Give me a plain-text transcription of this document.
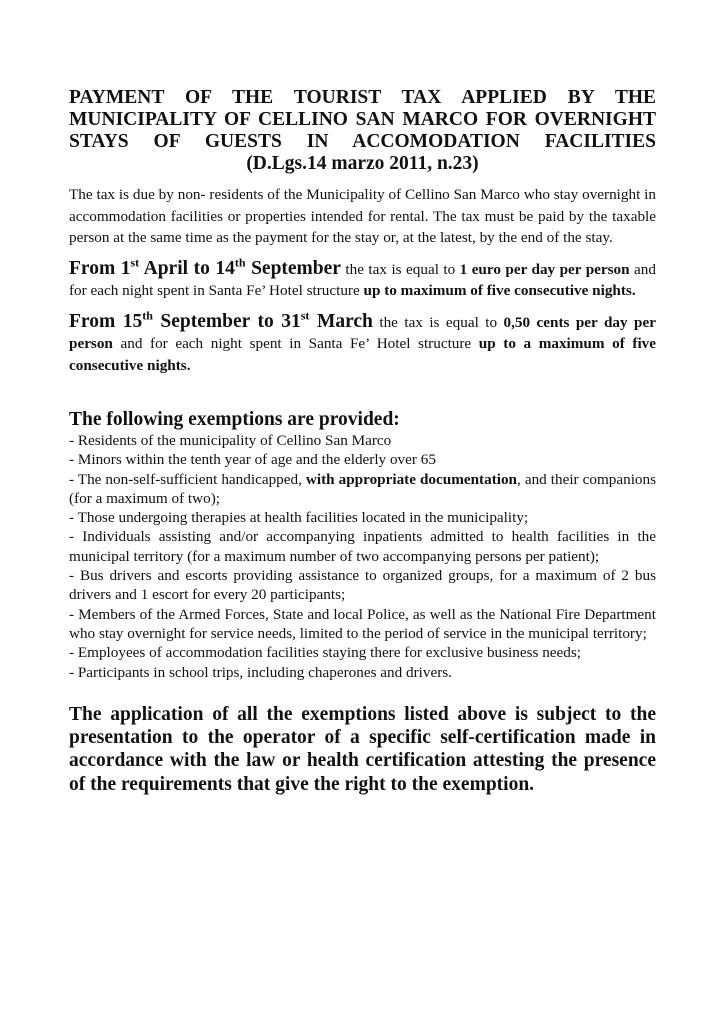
PAYMENT OF THE TOURIST TAX APPLIED BY THE
MUNICIPALITY OF CELLINO SAN MARCO FOR OVERNIGHT
STAYS OF GUESTS IN ACCOMODATION FACILITIES
(D.Lgs.14 marzo 2011, n.23)

The tax is due by non- residents of the Municipality of Cellino San Marco who stay overnight in accommodation facilities or properties intended for rental. The tax must be paid by the taxable person at the same time as the payment for the stay or, at the latest, by the end of the stay.

From 1st April to 14th September the tax is equal to 1 euro per day per person and for each night spent in Santa Fe’ Hotel structure up to maximum of five consecutive nights.

From 15th September to 31st March the tax is equal to 0,50 cents per day per person and for each night spent in Santa Fe’ Hotel structure up to a maximum of five consecutive nights.

The following exemptions are provided:
- Residents of the municipality of Cellino San Marco
- Minors within the tenth year of age and the elderly over 65
- The non-self-sufficient handicapped, with appropriate documentation, and their companions (for a maximum of two);
- Those undergoing therapies at health facilities located in the municipality;
- Individuals assisting and/or accompanying inpatients admitted to health facilities in the municipal territory (for a maximum number of two accompanying persons per patient);
- Bus drivers and escorts providing assistance to organized groups, for a maximum of 2 bus drivers and 1 escort for every 20 participants;
- Members of the Armed Forces, State and local Police, as well as the National Fire Department who stay overnight for service needs, limited to the period of service in the municipal territory;
- Employees of accommodation facilities staying there for exclusive business needs;
- Participants in school trips, including chaperones and drivers.

The application of all the exemptions listed above is subject to the presentation to the operator of a specific self-certification made in accordance with the law or health certification attesting the presence of the requirements that give the right to the exemption.
